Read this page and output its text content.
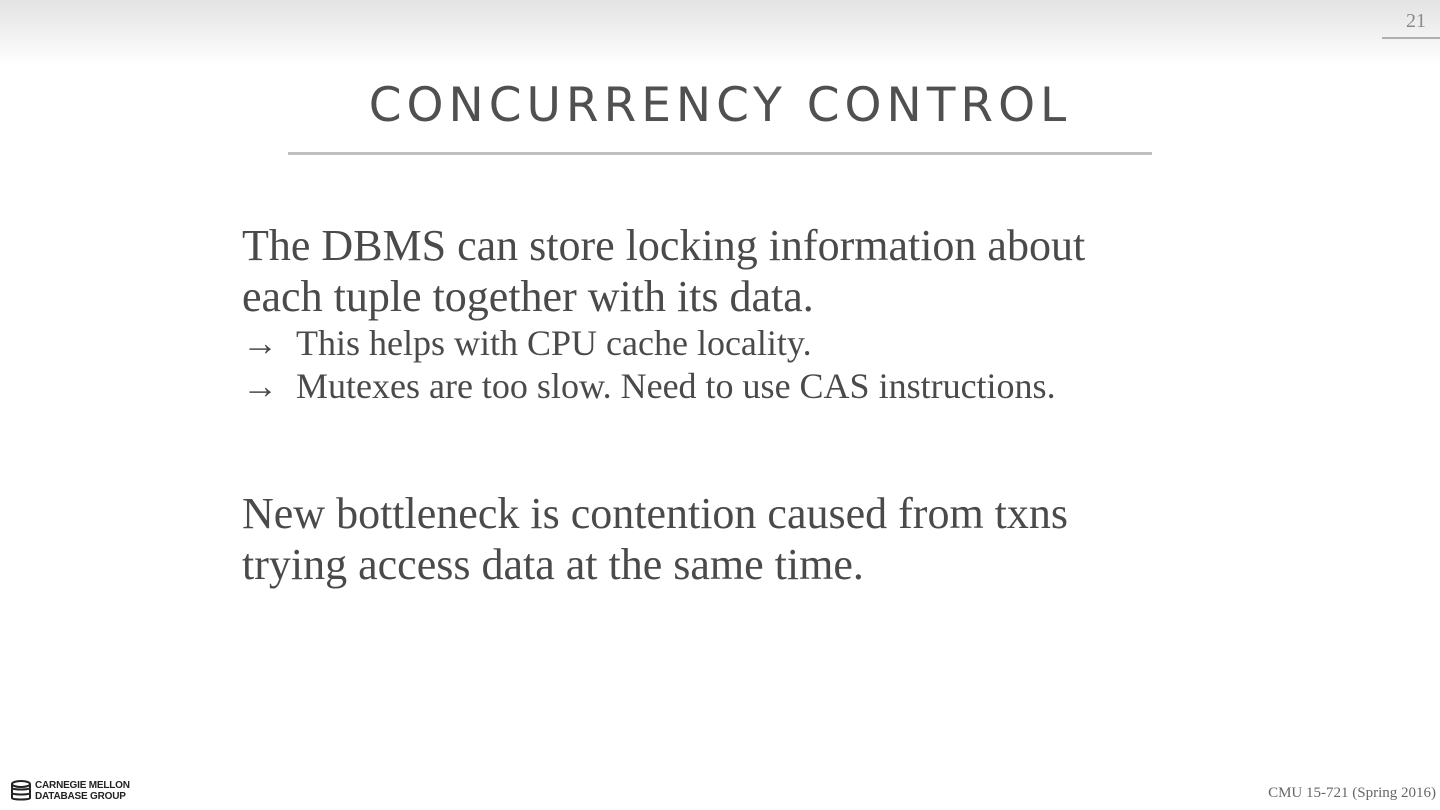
21
CONCURRENCY CONTROL

The DBMS can store locking information about
each tuple together with its data.

→ This helps with CPU cache locality.

→ Mutexes are too slow. Need to use CAS instructions.

New bottleneck is contention caused from txns
trying access data at the same time.

CARNEGIE MELLON
DATABASE GROUP	CMU 15-721 (Spring 2016)
